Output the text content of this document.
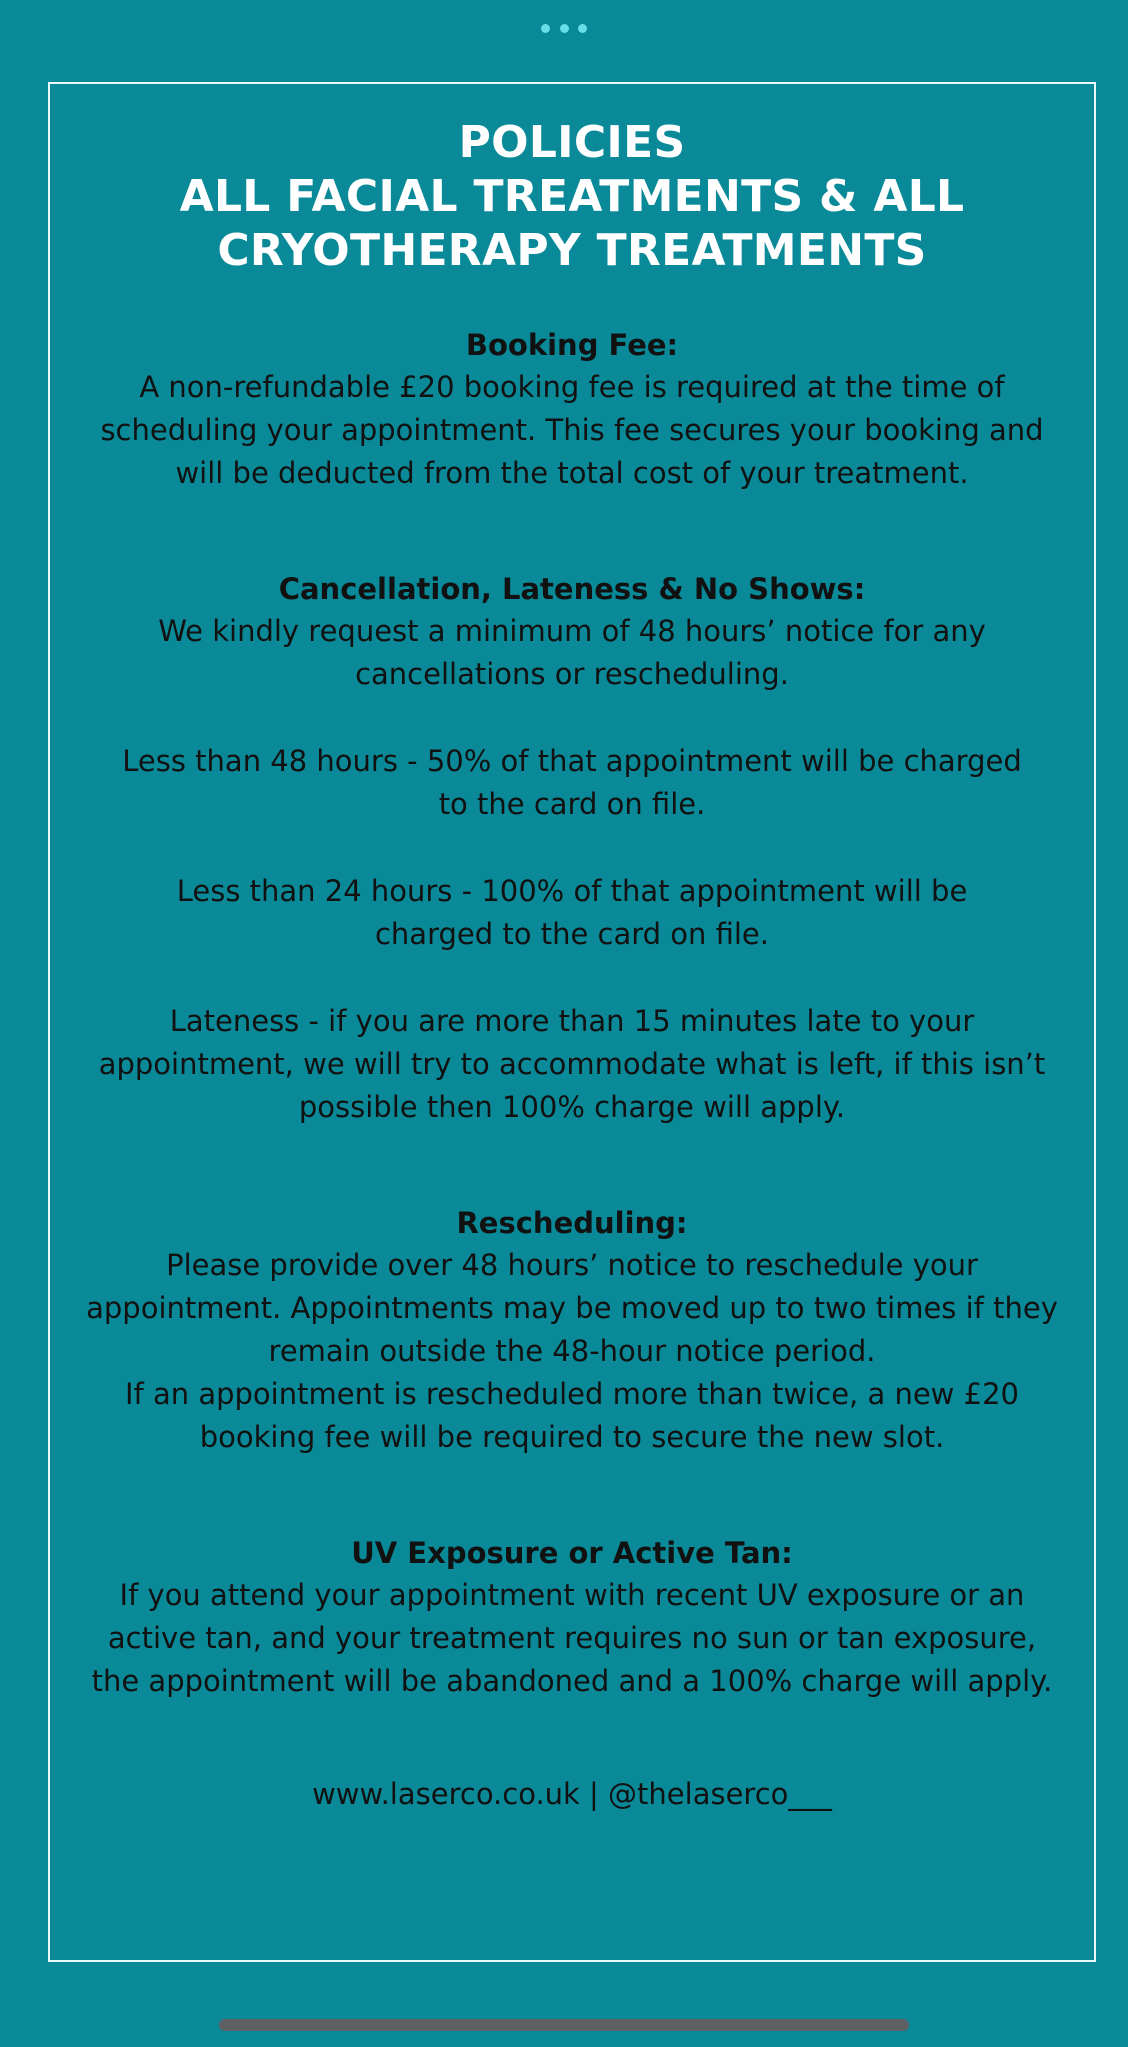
POLICIES
ALL FACIAL TREATMENTS & ALL
CRYOTHERAPY TREATMENTS
Booking Fee:

A non-refundable £20 booking fee is required at the time of scheduling your appointment. This fee secures your booking and will be deducted from the total cost of your treatment.

Cancellation, Lateness & No Shows:

We kindly request a minimum of 48 hours’ notice for any cancellations or rescheduling.

Less than 48 hours - 50% of that appointment will be charged to the card on file.

Less than 24 hours - 100% of that appointment will be charged to the card on file.

Lateness - if you are more than 15 minutes late to your appointment, we will try to accommodate what is left, if this isn’t possible then 100% charge will apply.

Rescheduling:

Please provide over 48 hours’ notice to reschedule your appointment. Appointments may be moved up to two times if they remain outside the 48-hour notice period.

If an appointment is rescheduled more than twice, a new £20 booking fee will be required to secure the new slot.

UV Exposure or Active Tan:

If you attend your appointment with recent UV exposure or an active tan, and your treatment requires no sun or tan exposure, the appointment will be abandoned and a 100% charge will apply.

www.laserco.co.uk | @thelaserco___
